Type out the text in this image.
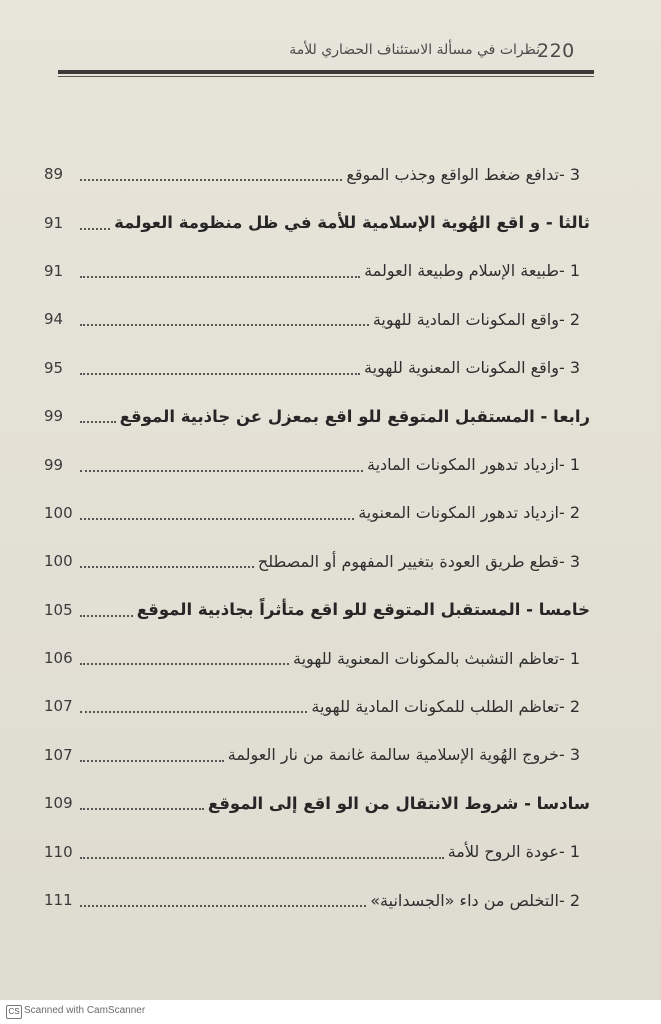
220
نظرات في مسألة الاستئناف الحضاري للأمة
89	3 -تدافع ضغط الواقع وجذب الموقع
91	ثالثا - و اقع الهُوية الإسلامية للأمة في ظل منظومة العولمة
91	1 -طبيعة الإسلام وطبيعة العولمة
94	2 -واقع المكونات المادية للهوية
95	3 -واقع المكونات المعنوية للهوية
99	رابعا - المستقبل المتوقع للو اقع بمعزل عن جاذبية الموقع
99	1 -ازدياد تدهور المكونات المادية
100	2 -ازدياد تدهور المكونات المعنوية
100	3 -قطع طريق العودة بتغيير المفهوم أو المصطلح
105	خامسا - المستقبل المتوقع للو اقع متأثراً بجاذبية الموقع
106	1 -تعاظم التشبث بالمكونات المعنوية للهوية
107	2 -تعاظم الطلب للمكونات المادية للهوية
107	3 -خروج الهُوية الإسلامية سالمة غانمة من نار العولمة
109	سادسا - شروط الانتقال من الو اقع إلى الموقع
110	1 -عودة الروح للأمة
111	2 -التخلص من داء «الجسدانية»
CS Scanned with CamScanner
